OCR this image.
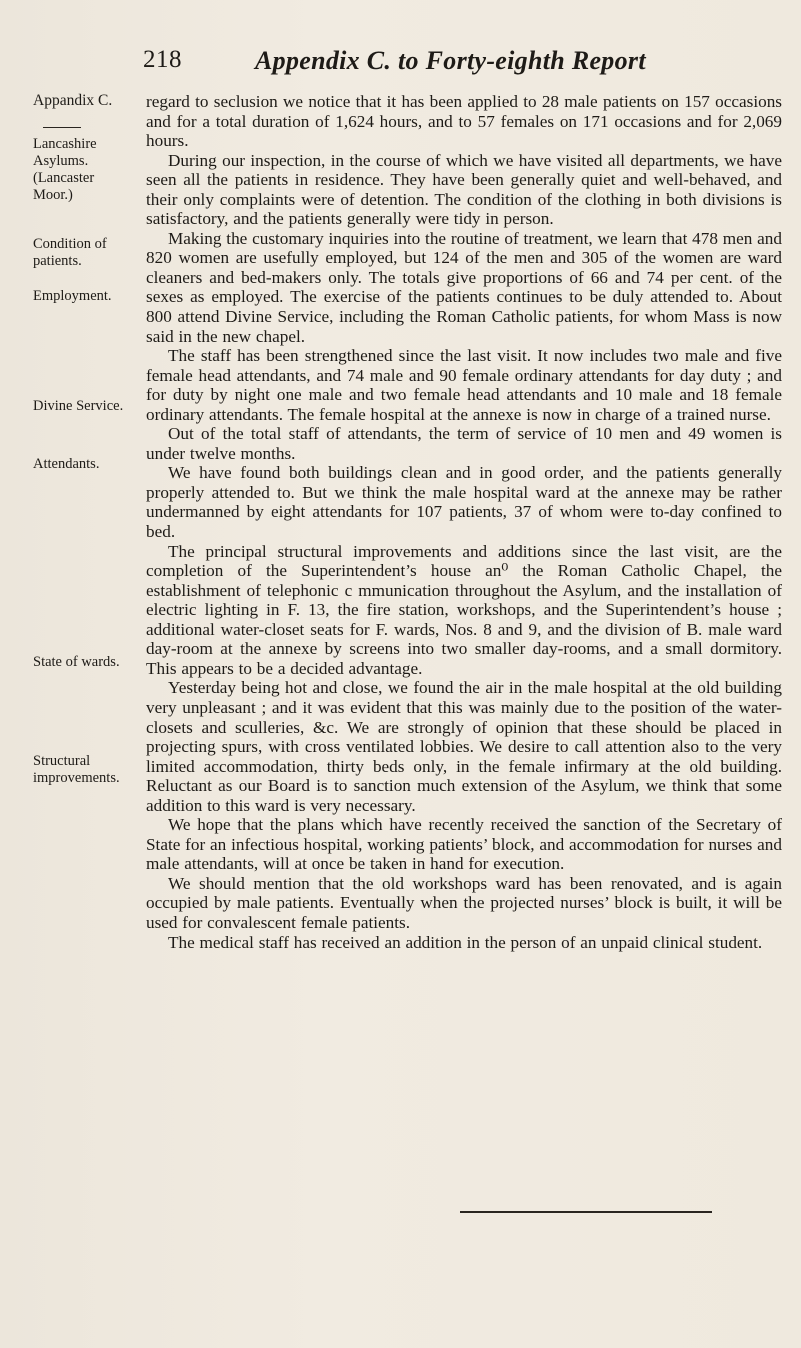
218	Appendix C. to Forty-eighth Report
Appandix C.
Lancashire
Asylums.
(Lancaster
Moor.)
Condition of
patients.
Employment.
Divine Service.
Attendants.
State of wards.
Structural
improvements.

regard to seclusion we notice that it has been applied to 28 male patients on 157 occasions and for a total duration of 1,624 hours, and to 57 females on 171 occasions and for 2,069 hours.

During our inspection, in the course of which we have visited all departments, we have seen all the patients in residence. They have been generally quiet and well-behaved, and their only complaints were of detention. The condition of the clothing in both divisions is satisfactory, and the patients generally were tidy in person.

Making the customary inquiries into the routine of treatment, we learn that 478 men and 820 women are usefully employed, but 124 of the men and 305 of the women are ward cleaners and bed-makers only. The totals give proportions of 66 and 74 per cent. of the sexes as employed. The exercise of the patients continues to be duly attended to. About 800 attend Divine Service, including the Roman Catholic patients, for whom Mass is now said in the new chapel.

The staff has been strengthened since the last visit. It now includes two male and five female head attendants, and 74 male and 90 female ordinary attendants for day duty ; and for duty by night one male and two female head attendants and 10 male and 18 female ordinary attendants. The female hospital at the annexe is now in charge of a trained nurse.

Out of the total staff of attendants, the term of service of 10 men and 49 women is under twelve months.

We have found both buildings clean and in good order, and the patients generally properly attended to. But we think the male hospital ward at the annexe may be rather undermanned by eight attendants for 107 patients, 37 of whom were to-day confined to bed.

The principal structural improvements and additions since the last visit, are the completion of the Superintendent’s house an⁰ the Roman Catholic Chapel, the establishment of telephonic c mmunication throughout the Asylum, and the installation of electric lighting in F. 13, the fire station, workshops, and the Superintendent’s house ; additional water-closet seats for F. wards, Nos. 8 and 9, and the division of B. male ward day-room at the annexe by screens into two smaller day-rooms, and a small dormitory. This appears to be a decided advantage.

Yesterday being hot and close, we found the air in the male hospital at the old building very unpleasant ; and it was evident that this was mainly due to the position of the water-closets and sculleries, &c. We are strongly of opinion that these should be placed in projecting spurs, with cross ventilated lobbies. We desire to call attention also to the very limited accommodation, thirty beds only, in the female infirmary at the old building. Reluctant as our Board is to sanction much extension of the Asylum, we think that some addition to this ward is very necessary.

We hope that the plans which have recently received the sanction of the Secretary of State for an infectious hospital, working patients’ block, and accommodation for nurses and male attendants, will at once be taken in hand for execution.

We should mention that the old workshops ward has been renovated, and is again occupied by male patients. Eventually when the projected nurses’ block is built, it will be used for convalescent female patients.

The medical staff has received an addition in the person of an unpaid clinical student.
